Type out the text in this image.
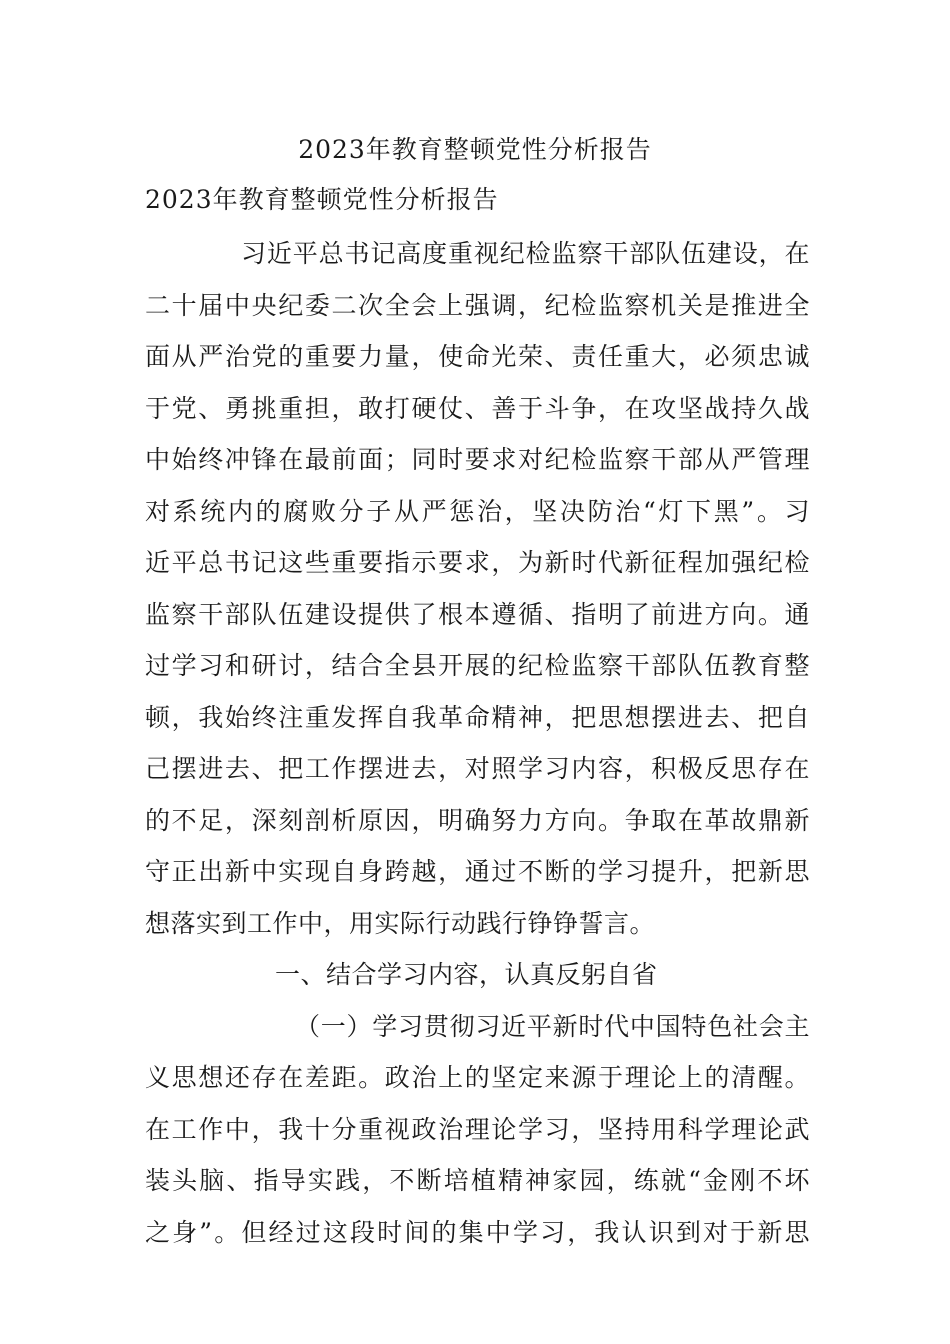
2023年教育整顿党性分析报告
2023年教育整顿党性分析报告
习近平总书记高度重视纪检监察干部队伍建设，在
二十届中央纪委二次全会上强调，纪检监察机关是推进全
面从严治党的重要力量，使命光荣、责任重大，必须忠诚
于党、勇挑重担，敢打硬仗、善于斗争，在攻坚战持久战
中始终冲锋在最前面；同时要求对纪检监察干部从严管理
对系统内的腐败分子从严惩治，坚决防治“灯下黑”。习
近平总书记这些重要指示要求，为新时代新征程加强纪检
监察干部队伍建设提供了根本遵循、指明了前进方向。通
过学习和研讨，结合全县开展的纪检监察干部队伍教育整
顿，我始终注重发挥自我革命精神，把思想摆进去、把自
己摆进去、把工作摆进去，对照学习内容，积极反思存在
的不足，深刻剖析原因，明确努力方向。争取在革故鼎新
守正出新中实现自身跨越，通过不断的学习提升，把新思
想落实到工作中，用实际行动践行铮铮誓言。
一、结合学习内容，认真反躬自省
（一）学习贯彻习近平新时代中国特色社会主
义思想还存在差距。政治上的坚定来源于理论上的清醒。
在工作中，我十分重视政治理论学习，坚持用科学理论武
装头脑、指导实践，不断培植精神家园，练就“金刚不坏
之身”。但经过这段时间的集中学习，我认识到对于新思
